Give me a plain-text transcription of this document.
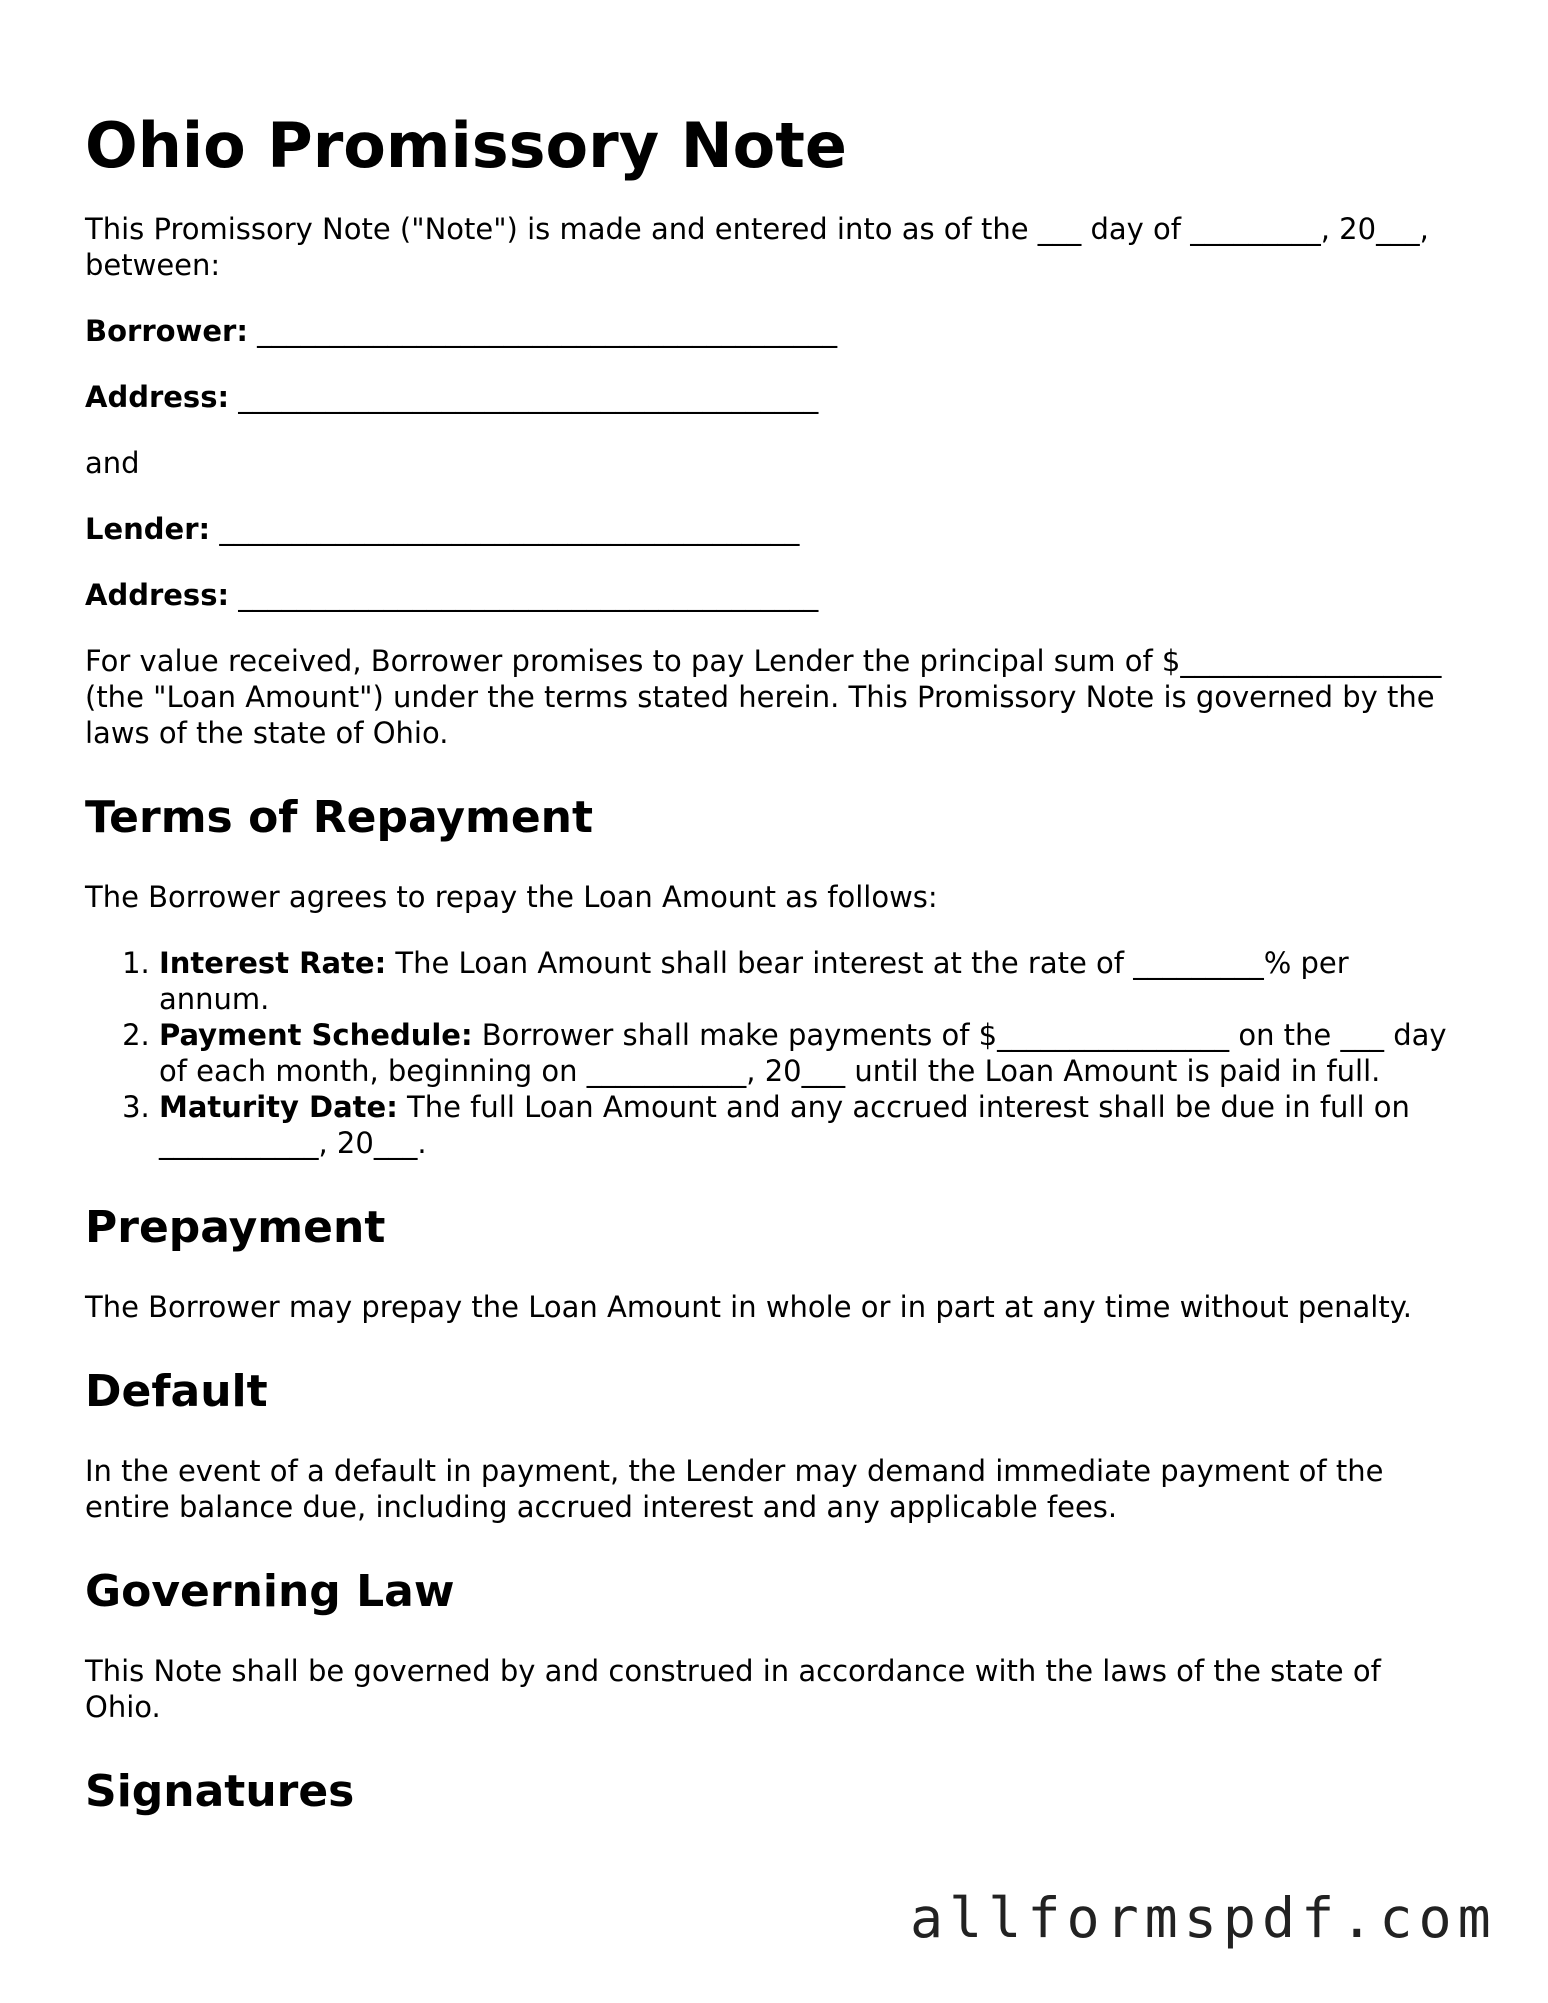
Ohio Promissory Note

This Promissory Note ("Note") is made and entered into as of the ___ day of _________, 20___, between:

Borrower: ________________________________________

Address: ________________________________________

and

Lender: ________________________________________

Address: ________________________________________

For value received, Borrower promises to pay Lender the principal sum of $__________________ (the "Loan Amount") under the terms stated herein. This Promissory Note is governed by the laws of the state of Ohio.

Terms of Repayment

The Borrower agrees to repay the Loan Amount as follows:

1. Interest Rate: The Loan Amount shall bear interest at the rate of _________% per annum.
2. Payment Schedule: Borrower shall make payments of $________________ on the ___ day of each month, beginning on ___________, 20___ until the Loan Amount is paid in full.
3. Maturity Date: The full Loan Amount and any accrued interest shall be due in full on ___________, 20___.
Prepayment

The Borrower may prepay the Loan Amount in whole or in part at any time without penalty.

Default

In the event of a default in payment, the Lender may demand immediate payment of the entire balance due, including accrued interest and any applicable fees.

Governing Law

This Note shall be governed by and construed in accordance with the laws of the state of Ohio.

Signatures
allformspdf.com
